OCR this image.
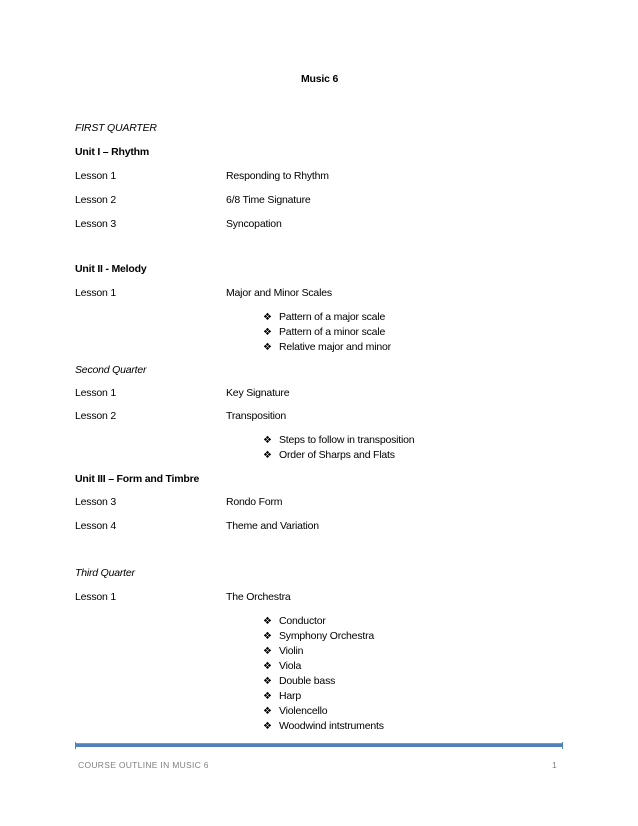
Music 6
FIRST QUARTER
Unit I – Rhythm
Lesson 1	Responding to Rhythm
Lesson 2	6/8 Time Signature
Lesson 3	Syncopation
Unit II - Melody
Lesson 1	Major and Minor Scales
❖ Pattern of a major scale
❖ Pattern of a minor scale
❖ Relative major and minor
Second Quarter
Lesson 1	Key Signature
Lesson 2	Transposition
❖ Steps to follow in transposition
❖ Order of Sharps and Flats
Unit III – Form and Timbre
Lesson 3	Rondo Form
Lesson 4	Theme and Variation
Third Quarter
Lesson 1	The Orchestra
❖ Conductor
❖ Symphony Orchestra
❖ Violin
❖ Viola
❖ Double bass
❖ Harp
❖ Violencello
❖ Woodwind intstruments
COURSE OUTLINE IN MUSIC 6	1
